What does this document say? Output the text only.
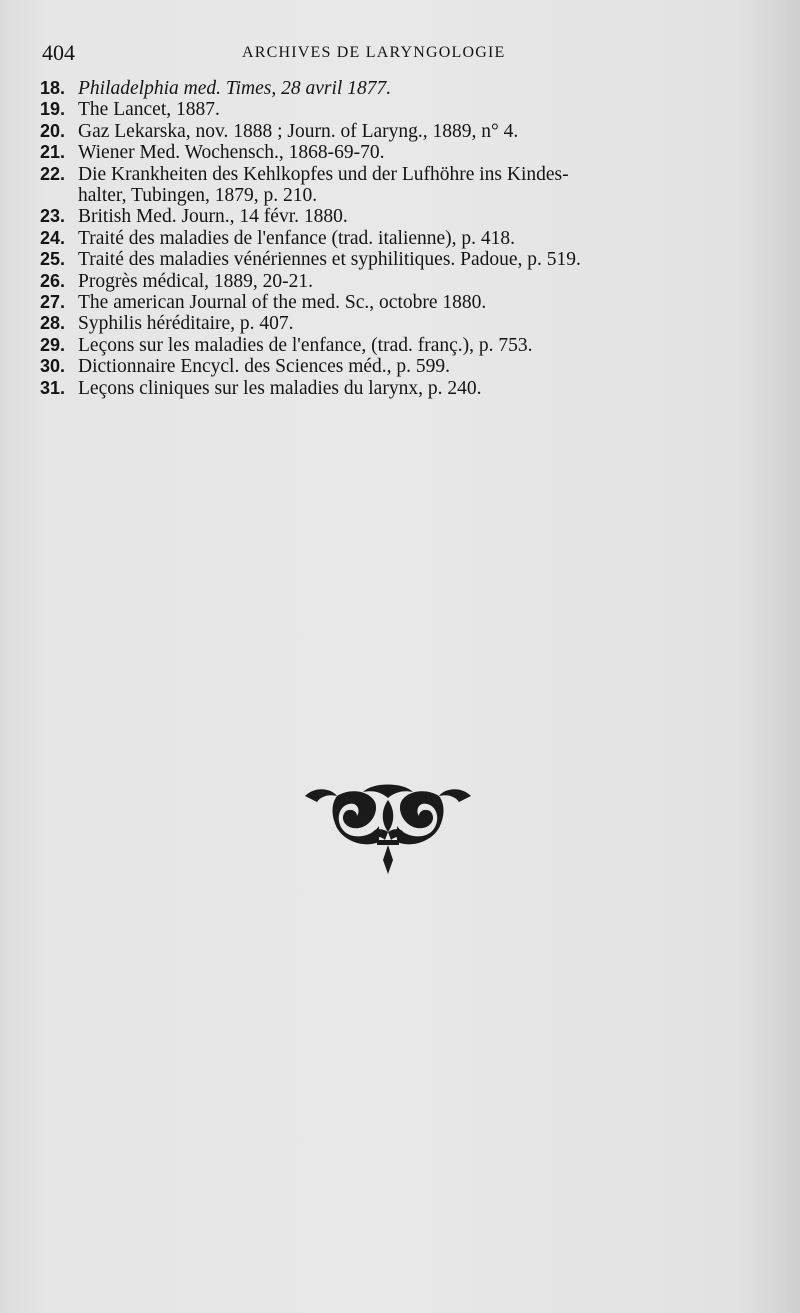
404	ARCHIVES DE LARYNGOLOGIE
18. Philadelphia med. Times, 28 avril 1877.
19. The Lancet, 1887.
20. Gaz Lekarska, nov. 1888 ; Journ. of Laryng., 1889, n° 4.
21. Wiener Med. Wochensch., 1868-69-70.
22. Die Krankheiten des Kehlkopfes und der Lufhöhre ins Kindes-
halter, Tubingen, 1879, p. 210.
23. British Med. Journ., 14 févr. 1880.
24. Traité des maladies de l'enfance (trad. italienne), p. 418.
25. Traité des maladies vénériennes et syphilitiques. Padoue, p. 519.
26. Progrès médical, 1889, 20-21.
27. The american Journal of the med. Sc., octobre 1880.
28. Syphilis héréditaire, p. 407.
29. Leçons sur les maladies de l'enfance, (trad. franç.), p. 753.
30. Dictionnaire Encycl. des Sciences méd., p. 599.
31. Leçons cliniques sur les maladies du larynx, p. 240.
